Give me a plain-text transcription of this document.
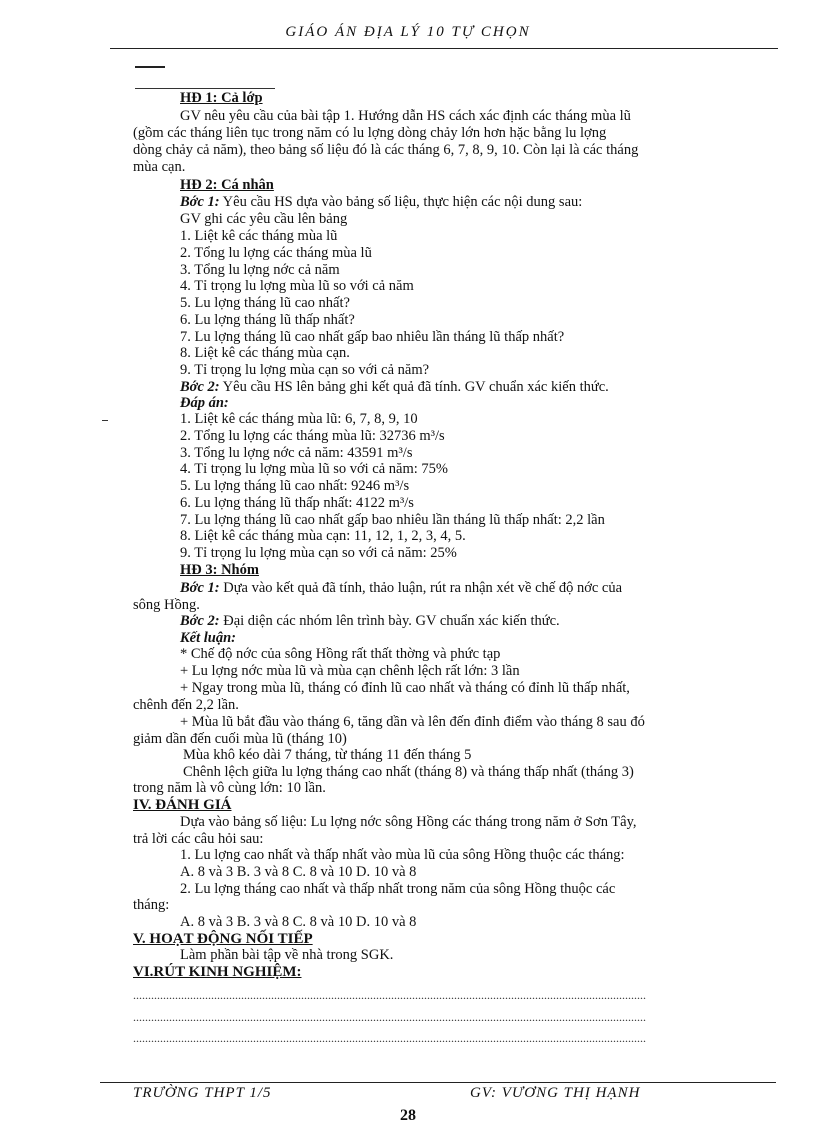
GIÁO ÁN ĐỊA LÝ 10 TỰ CHỌN
HĐ 1: Cả lớp
GV nêu yêu cầu của bài tập 1. Hướng dẫn HS cách xác định các tháng mùa lũ
(gồm các tháng liên tục trong năm có lu lợng dòng chảy lớn hơn hặc bằng lu lợng
dòng chảy cả năm), theo bảng số liệu đó là các tháng 6, 7, 8, 9, 10. Còn lại là các tháng
mùa cạn.
HĐ 2: Cá nhân
Bớc 1: Yêu cầu HS dựa vào bảng số liệu, thực hiện các nội dung sau:
GV ghi các yêu cầu lên bảng
1. Liệt kê các tháng mùa lũ
2. Tổng lu lợng các tháng mùa lũ
3. Tổng lu lợng nớc cả năm
4. Tỉ trọng lu lợng mùa lũ so với cả năm
5. Lu lợng tháng lũ cao nhất?
6. Lu lợng tháng lũ thấp nhất?
7. Lu lợng tháng lũ cao nhất gấp bao nhiêu lần tháng lũ thấp nhất?
8. Liệt kê các tháng mùa cạn.
9. Tỉ trọng lu lợng mùa cạn so với cả năm?
Bớc 2: Yêu cầu HS lên bảng ghi kết quả đã tính. GV chuẩn xác kiến thức.
Đáp án:
1. Liệt kê các tháng mùa lũ: 6, 7, 8, 9, 10
2. Tổng lu lợng các tháng mùa lũ: 32736 m³/s
3. Tổng lu lợng nớc cả năm: 43591 m³/s
4. Tỉ trọng lu lợng mùa lũ so với cả năm: 75%
5. Lu lợng tháng lũ cao nhất: 9246 m³/s
6. Lu lợng tháng lũ thấp nhất: 4122 m³/s
7. Lu lợng tháng lũ cao nhất gấp bao nhiêu lần tháng lũ thấp nhất: 2,2 lần
8. Liệt kê các tháng mùa cạn: 11, 12, 1, 2, 3, 4, 5.
9. Tỉ trọng lu lợng mùa cạn so với cả năm: 25%
HĐ 3: Nhóm
Bớc 1: Dựa vào kết quả đã tính, thảo luận, rút ra nhận xét về chế độ nớc của
sông Hồng.
Bớc 2: Đại diện các nhóm lên trình bày. GV chuẩn xác kiến thức.
Kết luận:
* Chế độ nớc của sông Hồng rất thất thờng và phức tạp
+ Lu lợng nớc mùa lũ và mùa cạn chênh lệch rất lớn: 3 lần
+ Ngay trong mùa lũ, tháng có đỉnh lũ cao nhất và tháng có đỉnh lũ thấp nhất,
chênh đến 2,2 lần.
+ Mùa lũ bắt đầu vào tháng 6, tăng dần và lên đến đỉnh điểm vào tháng 8 sau đó
giảm dần đến cuối mùa lũ (tháng 10)
Mùa khô kéo dài 7 tháng, từ tháng 11 đến tháng 5
Chênh lệch giữa lu lợng tháng cao nhất (tháng 8) và tháng thấp nhất (tháng 3)
trong năm là vô cùng lớn: 10 lần.
IV. ĐÁNH GIÁ
Dựa vào bảng số liệu: Lu lợng nớc sông Hồng các tháng trong năm ở Sơn Tây,
trả lời các câu hỏi sau:
1. Lu lợng cao nhất và thấp nhất vào mùa lũ của sông Hồng thuộc các tháng:
A. 8 và 3 B. 3 và 8 C. 8 và 10 D. 10 và 8
2. Lu lợng tháng cao nhất và thấp nhất trong năm của sông Hồng thuộc các
tháng:
A. 8 và 3 B. 3 và 8 C. 8 và 10 D. 10 và 8
V. HOẠT ĐỘNG NỐI TIẾP
Làm phần bài tập về nhà trong SGK.
VI.RÚT KINH NGHIỆM:
...........................................................................................................................................................................
...........................................................................................................................................................................
...........................................................................................................................................................................
TRƯỜNG THPT 1/5	GV: VƯƠNG THỊ HẠNH
28
